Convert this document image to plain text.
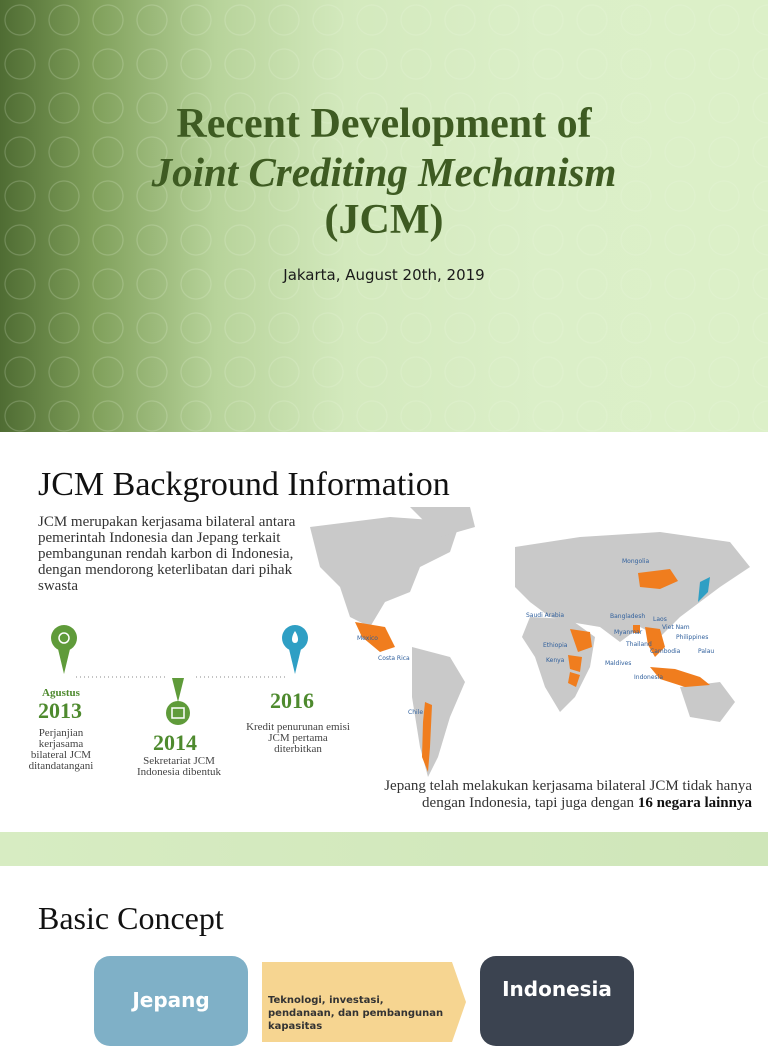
Recent Development of
Joint Crediting Mechanism
(JCM)
Jakarta, August 20th, 2019
JCM Background Information
JCM merupakan kerjasama bilateral antara pemerintah Indonesia dan Jepang terkait pembangunan rendah karbon di Indonesia, dengan mendorong keterlibatan dari pihak swasta
Mongolia
Saudi Arabia	Bangladesh Laos
Viet Nam
Myanmar
Philippines
Ethiopia	Thailand
Cambodia	Palau
Kenya	Maldives
Indonesia
Mexico
Costa Rica
Chile
Agustus
2013
Perjanjian kerjasama bilateral JCM ditandatangani
2014
Sekretariat JCM Indonesia dibentuk
2016
Kredit penurunan emisi JCM pertama diterbitkan
Jepang telah melakukan kerjasama bilateral JCM tidak hanya dengan Indonesia, tapi juga dengan 16 negara lainnya
Basic Concept
Jepang	Teknologi, investasi, pendanaan, dan pembangunan kapasitas
Indonesia
